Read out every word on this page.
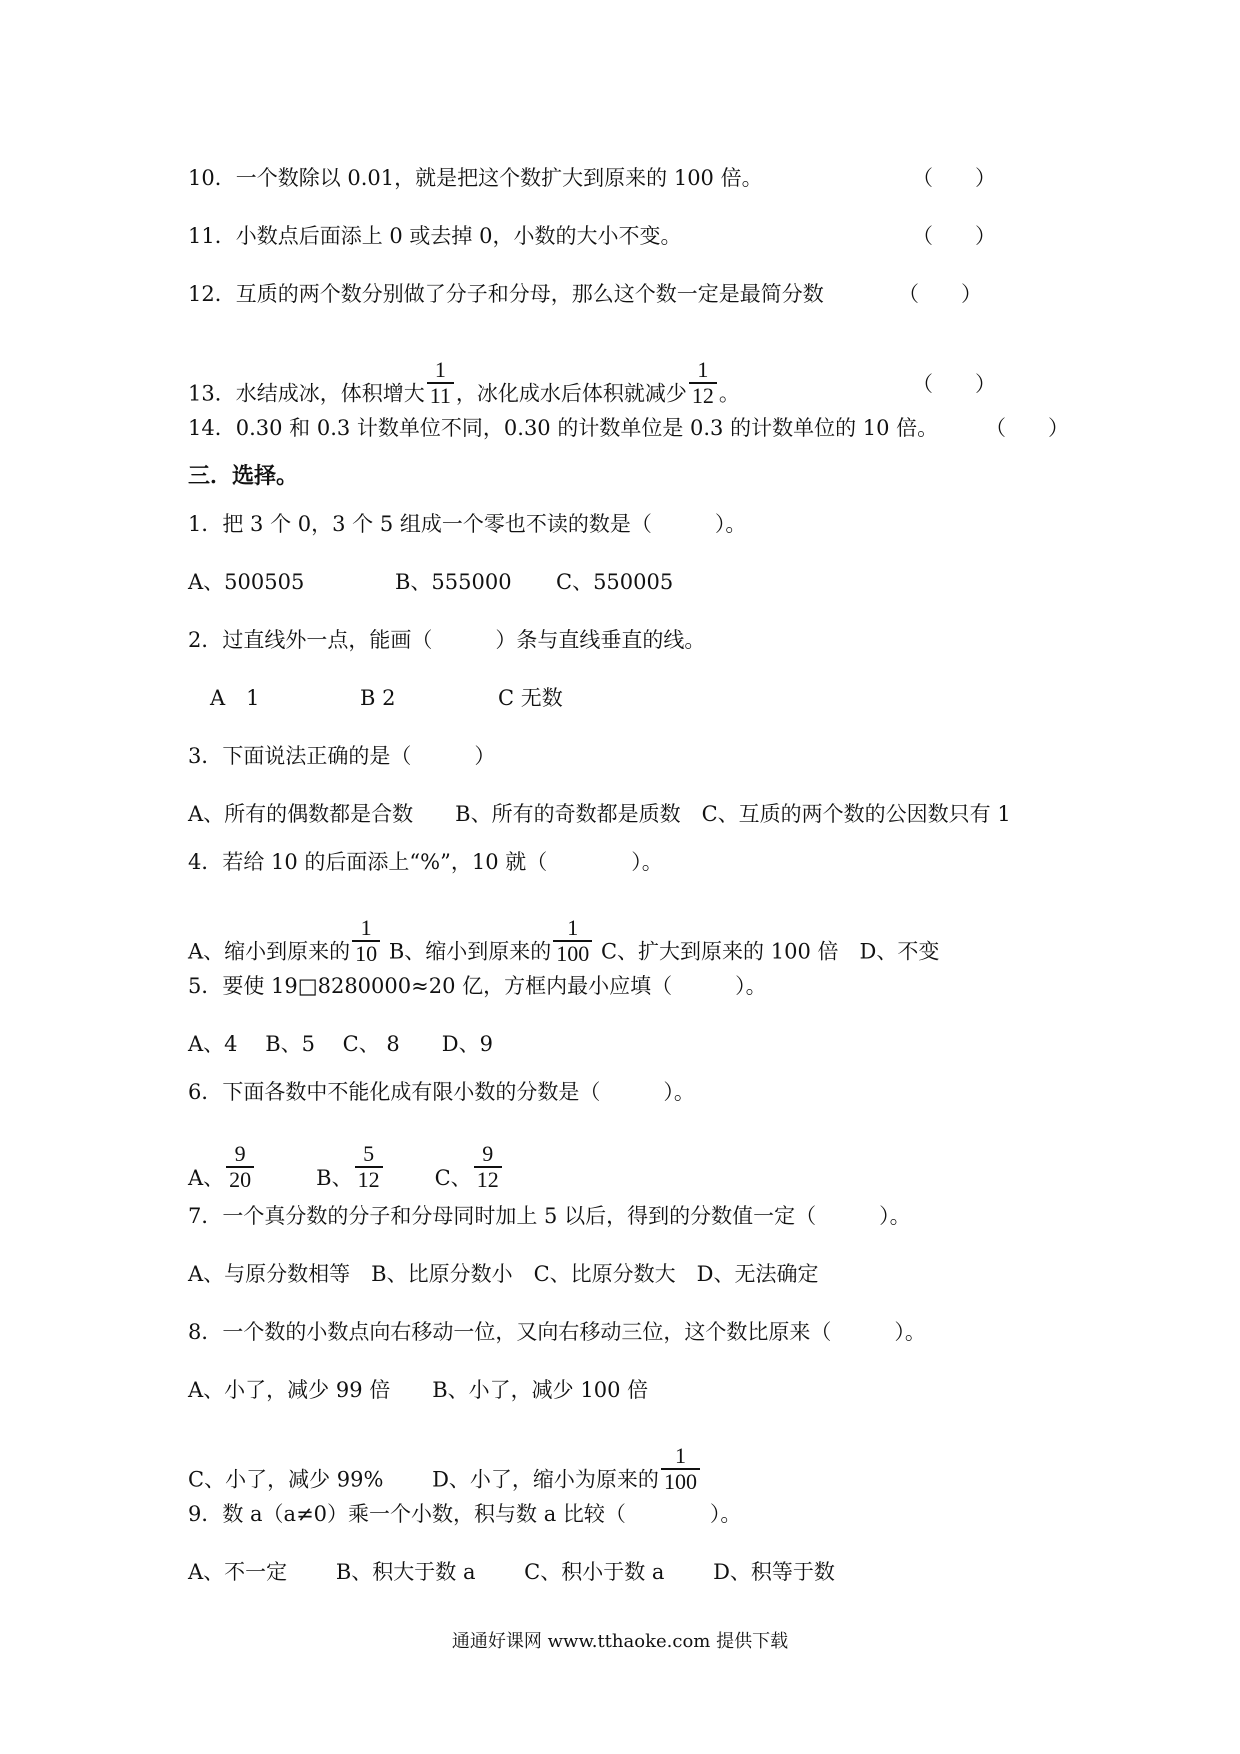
10．一个数除以 0.01，就是把这个数扩大到原来的 100 倍。	（　　）
11．小数点后面添上 0 或去掉 0，小数的大小不变。	（　　）
12．互质的两个数分别做了分子和分母，那么这个数一定是最简分数	（　　）
13．水结成冰，体积增大 $\frac{1}{11}$ ，冰化成水后体积就减少 $\frac{1}{12}$ 。	（　　）
14．0.30 和 0.3 计数单位不同，0.30 的计数单位是 0.3 的计数单位的 10 倍。 （　　）
三．选择。
1．把 3 个 0，3 个 5 组成一个零也不读的数是（　　　）。
A、500505	B、555000 C、550005
2．过直线外一点，能画（　　　）条与直线垂直的线。
A　1	B 2	C 无数
3．下面说法正确的是（　　　）
A、所有的偶数都是合数　　B、所有的奇数都是质数　C、互质的两个数的公因数只有 1
4．若给 10 的后面添上“%”，10 就（　　　　）。
A、缩小到原来的 $\frac{1}{10}$ B、缩小到原来的 $\frac{1}{100}$ C、扩大到原来的 100 倍　D、不变
5．要使 19□8280000≈20 亿，方框内最小应填（　　　）。
A、4　 B、5　 C、 8　　D、9
6．下面各数中不能化成有限小数的分数是（　　　）。
A、 $\frac{9}{20}$	B、 $\frac{5}{12}$ C、 $\frac{9}{12}$
7．一个真分数的分子和分母同时加上 5 以后，得到的分数值一定（　　　）。
A、与原分数相等　B、比原分数小　C、比原分数大　D、无法确定
8．一个数的小数点向右移动一位，又向右移动三位，这个数比原来（　　　）。
A、小了，减少 99 倍　　B、小了，减少 100 倍
C、小了，减少 99%　　 D、小了，缩小为原来的 $\frac{1}{100}$
9．数 a（a≠0）乘一个小数，积与数 a 比较（　　　　）。
A、不一定　　 B、积大于数 a　　 C、积小于数 a　　 D、积等于数
通通好课网 www.tthaoke.com 提供下载
